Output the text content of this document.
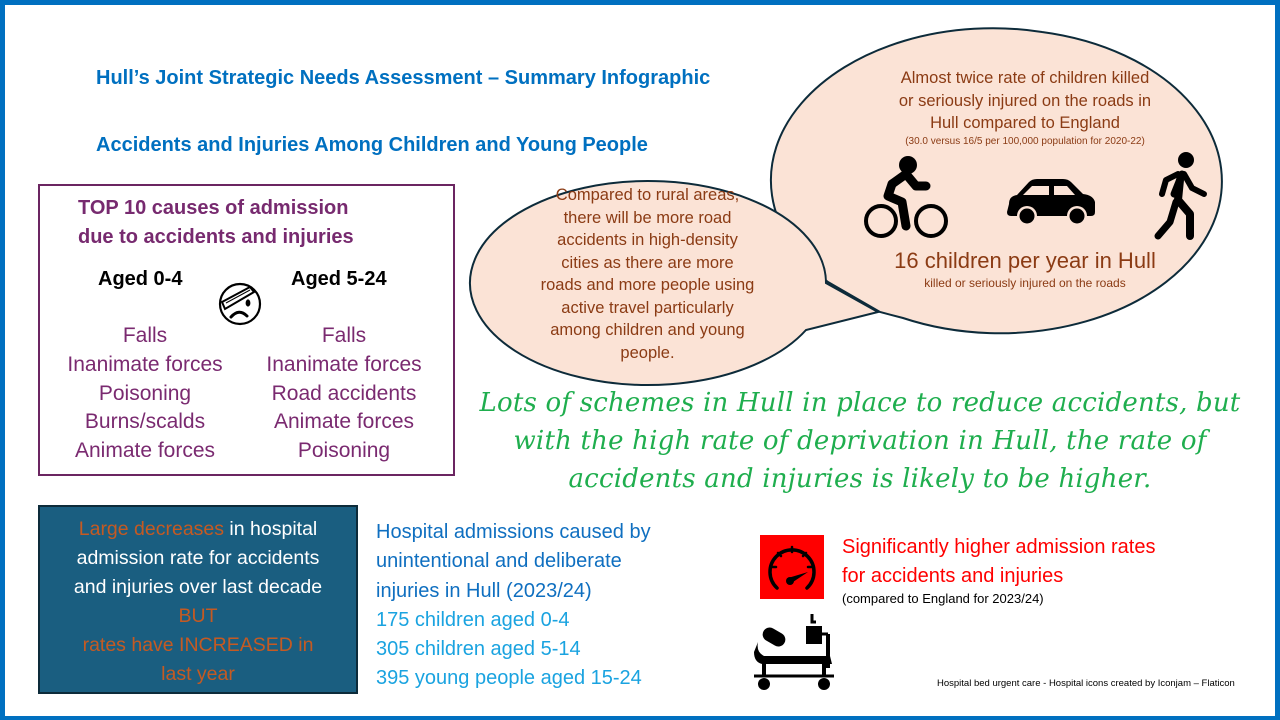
Hull’s Joint Strategic Needs Assessment – Summary Infographic
Accidents and Injuries Among Children and Young People
TOP 10 causes of admission
due to accidents and injuries
Aged 0-4	Aged 5-24
Falls
Inanimate forces
Poisoning
Burns/scalds
Animate forces
Falls
Inanimate forces
Road accidents
Animate forces
Poisoning
Compared to rural areas,
there will be more road
accidents in high-density
cities as there are more
roads and more people using
active travel particularly
among children and young
people.
Almost twice rate of children killed
or seriously injured on the roads in
Hull compared to England
(30.0 versus 16/5 per 100,000 population for 2020-22)
16 children per year in Hull
killed or seriously injured on the roads
Lots of schemes in Hull in place to reduce accidents, but
with the high rate of deprivation in Hull, the rate of
accidents and injuries is likely to be higher.
Large decreases in hospital
admission rate for accidents
and injuries over last decade
BUT
rates have INCREASED in
last year
Hospital admissions caused by
unintentional and deliberate
injuries in Hull (2023/24)
175 children aged 0-4
305 children aged 5-14
395 young people aged 15-24
Significantly higher admission rates
for accidents and injuries
(compared to England for 2023/24)
Hospital bed urgent care - Hospital icons created by Iconjam – Flaticon
